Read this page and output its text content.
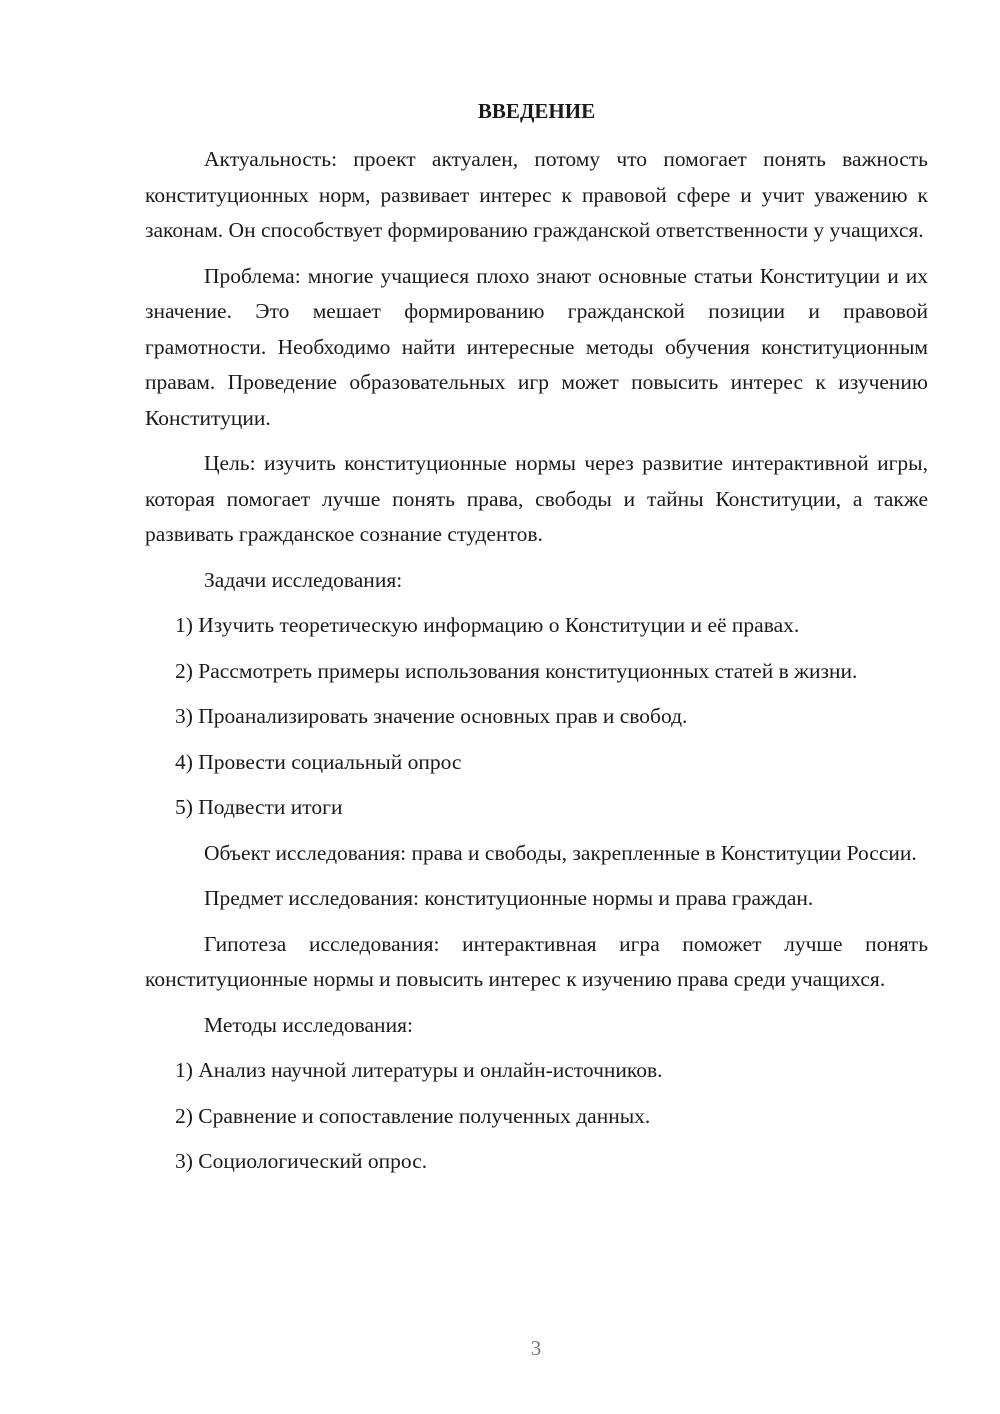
ВВЕДЕНИЕ

Актуальность: проект актуален, потому что помогает понять важность конституционных норм, развивает интерес к правовой сфере и учит уважению к законам. Он способствует формированию гражданской ответственности у учащихся.

Проблема: многие учащиеся плохо знают основные статьи Конституции и их значение. Это мешает формированию гражданской позиции и правовой грамотности. Необходимо найти интересные методы обучения конституционным правам. Проведение образовательных игр может повысить интерес к изучению Конституции.

Цель: изучить конституционные нормы через развитие интерактивной игры, которая помогает лучше понять права, свободы и тайны Конституции, а также развивать гражданское сознание студентов.

Задачи исследования:

1) Изучить теоретическую информацию о Конституции и её правах.

2) Рассмотреть примеры использования конституционных статей в жизни.

3) Проанализировать значение основных прав и свобод.

4) Провести социальный опрос

5) Подвести итоги

Объект исследования: права и свободы, закрепленные в Конституции России.

Предмет исследования: конституционные нормы и права граждан.

Гипотеза исследования: интерактивная игра поможет лучше понять конституционные нормы и повысить интерес к изучению права среди учащихся.

Методы исследования:

1) Анализ научной литературы и онлайн-источников.

2) Сравнение и сопоставление полученных данных.

3) Социологический опрос.

3
